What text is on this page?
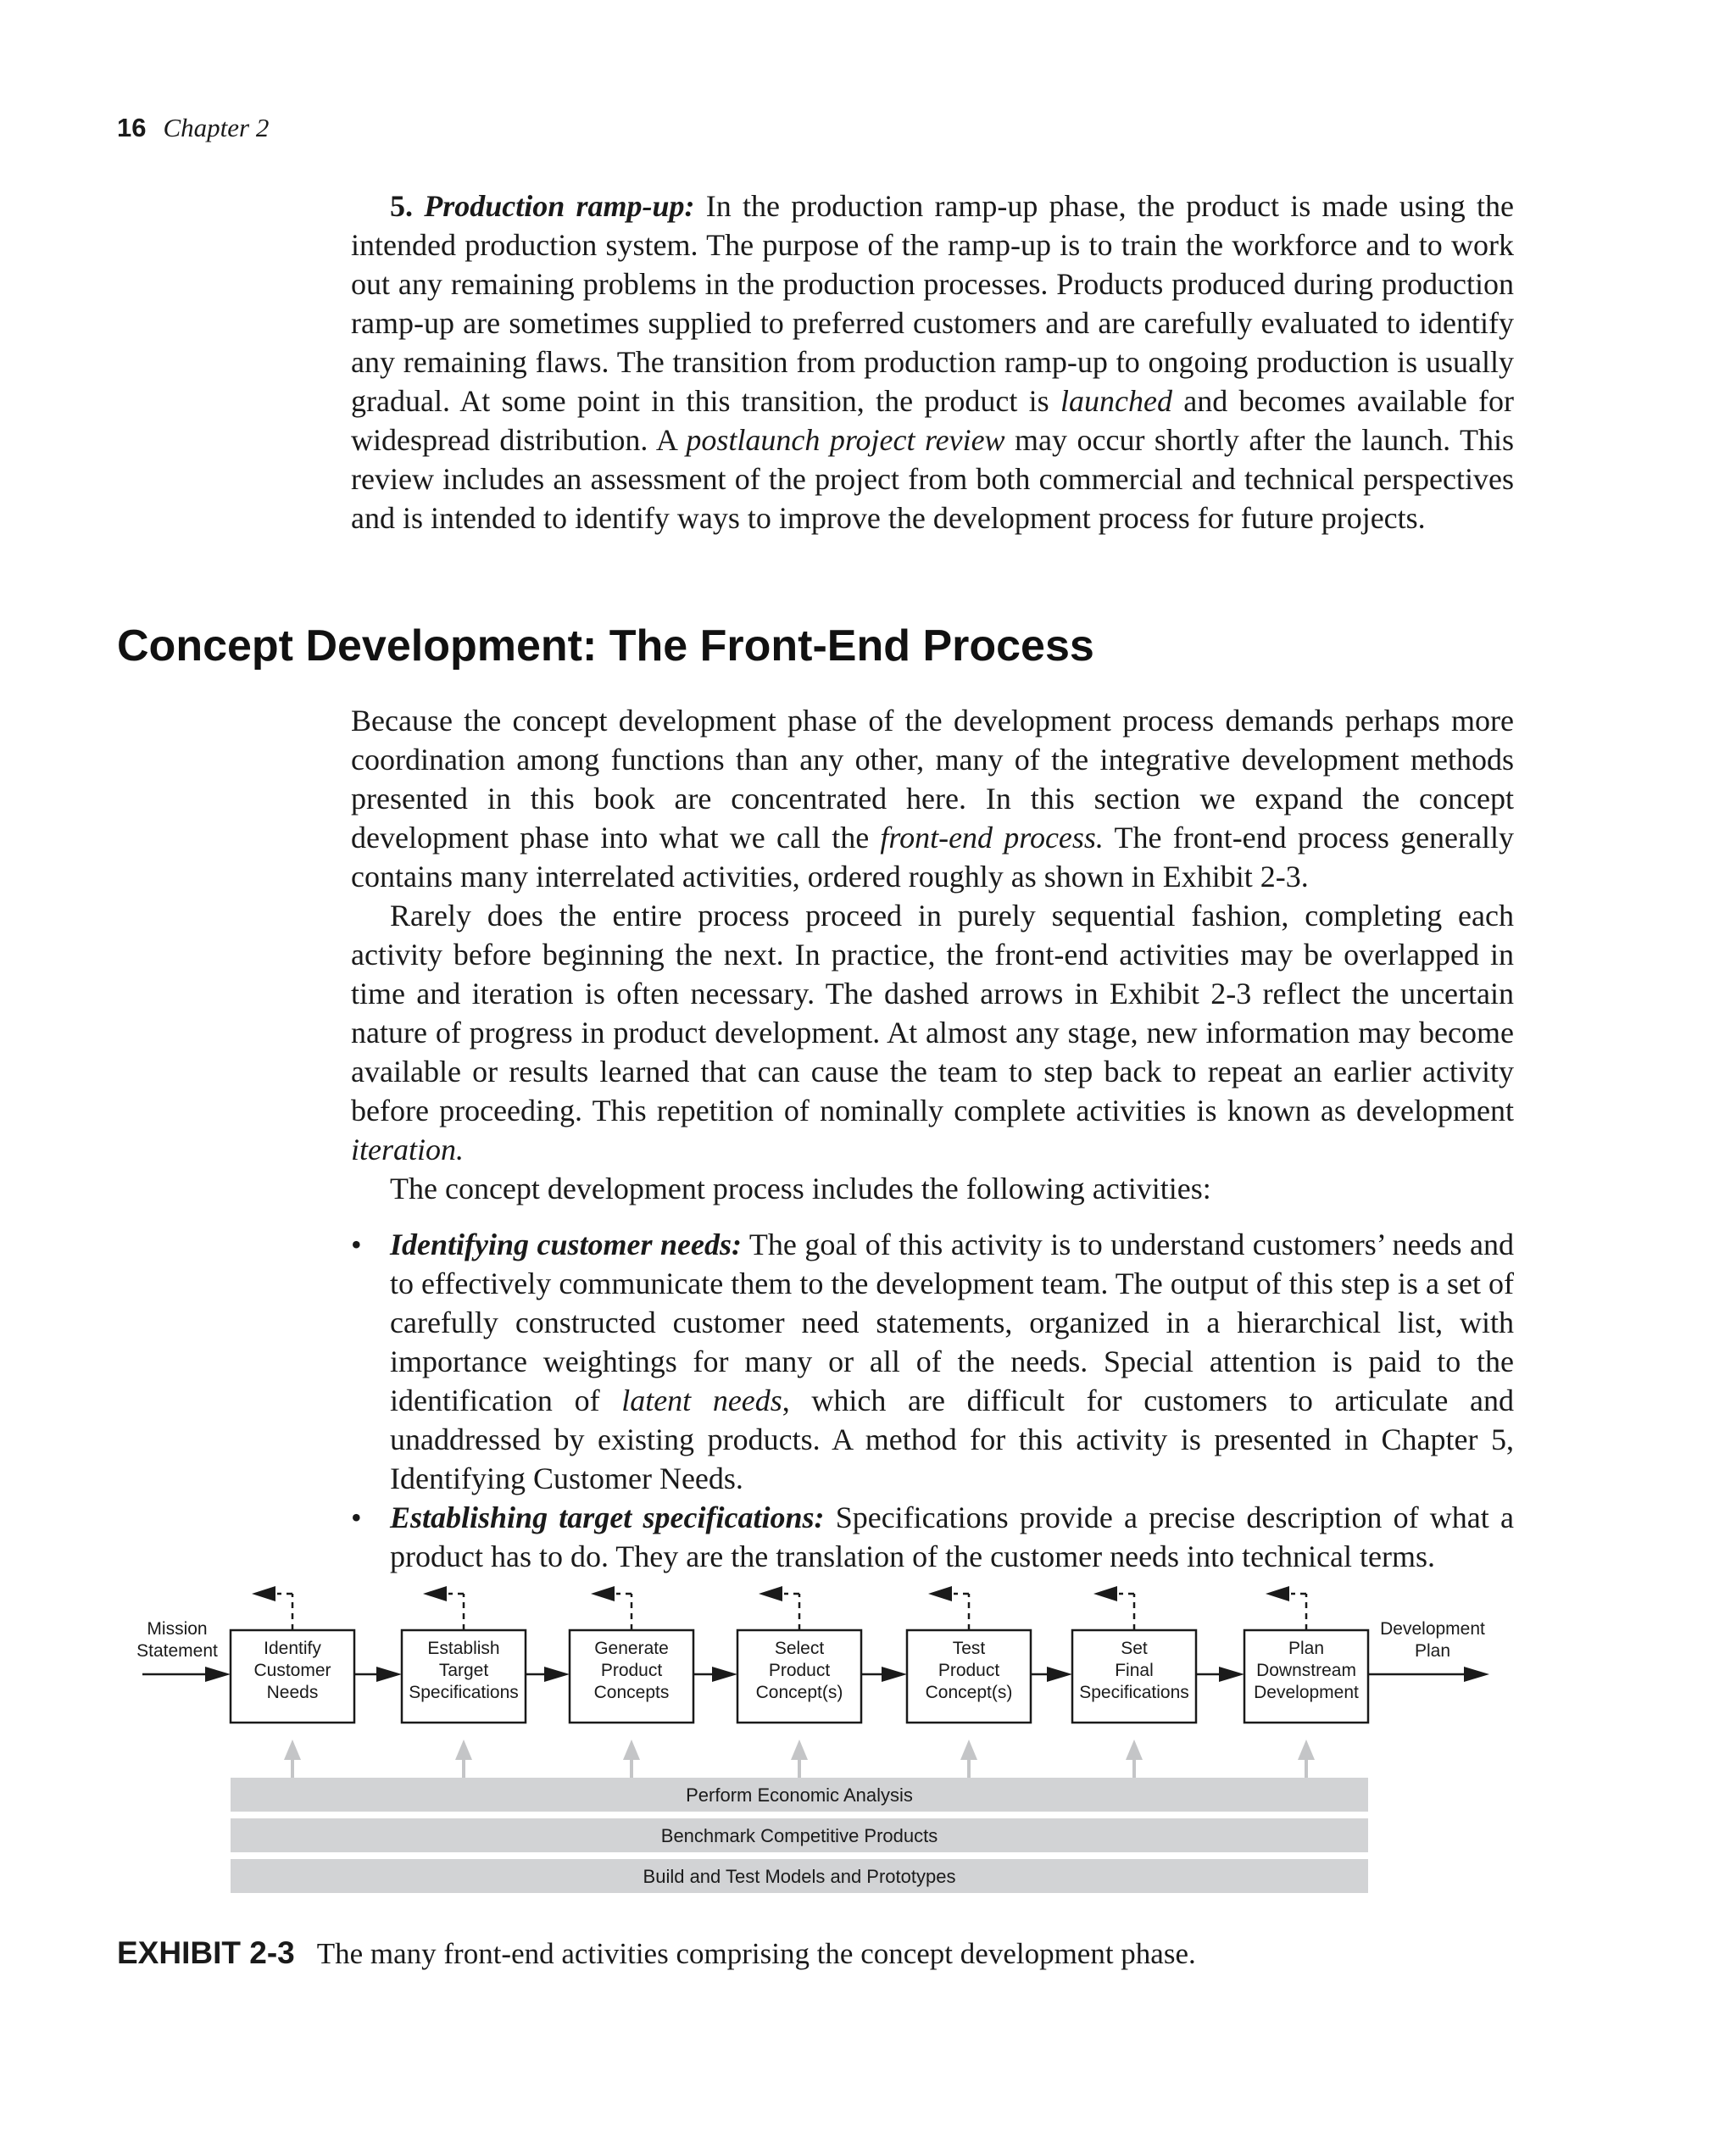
16 Chapter 2

5. Production ramp-up: In the production ramp-up phase, the product is made using the intended production system. The purpose of the ramp-up is to train the workforce and to work out any remaining problems in the production processes. Products produced during production ramp-up are sometimes supplied to preferred customers and are carefully evaluated to identify any remaining flaws. The transition from production ramp-up to ongoing production is usually gradual. At some point in this transition, the product is launched and becomes available for widespread distribution. A postlaunch project review may occur shortly after the launch. This review includes an assessment of the project from both commercial and technical perspectives and is intended to identify ways to improve the development process for future projects.

Concept Development: The Front-End Process

Because the concept development phase of the development process demands perhaps more coordination among functions than any other, many of the integrative development methods presented in this book are concentrated here. In this section we expand the concept development phase into what we call the front-end process. The front-end process generally contains many interrelated activities, ordered roughly as shown in Exhibit 2-3.

Rarely does the entire process proceed in purely sequential fashion, completing each activity before beginning the next. In practice, the front-end activities may be overlapped in time and iteration is often necessary. The dashed arrows in Exhibit 2-3 reflect the uncertain nature of progress in product development. At almost any stage, new information may become available or results learned that can cause the team to step back to repeat an earlier activity before proceeding. This repetition of nominally complete activities is known as development iteration.

The concept development process includes the following activities:

• Identifying customer needs: The goal of this activity is to understand customers’ needs and to effectively communicate them to the development team. The output of this step is a set of carefully constructed customer need statements, organized in a hierarchical list, with importance weightings for many or all of the needs. Special attention is paid to the identification of latent needs, which are difficult for customers to articulate and unaddressed by existing products. A method for this activity is presented in Chapter 5, Identifying Customer Needs.
• Establishing target specifications: Specifications provide a precise description of what a product has to do. They are the translation of the customer needs into technical terms.
Mission
Statement
Development
Plan
Identify
Customer
Needs
Establish
Target
Specifications
Generate
Product
Concepts
Select
Product
Concept(s)
Test
Product
Concept(s)
Set
Final
Specifications
Plan
Downstream
Development
Perform Economic Analysis
Benchmark Competitive Products
Build and Test Models and Prototypes
EXHIBIT 2-3 The many front-end activities comprising the concept development phase.
